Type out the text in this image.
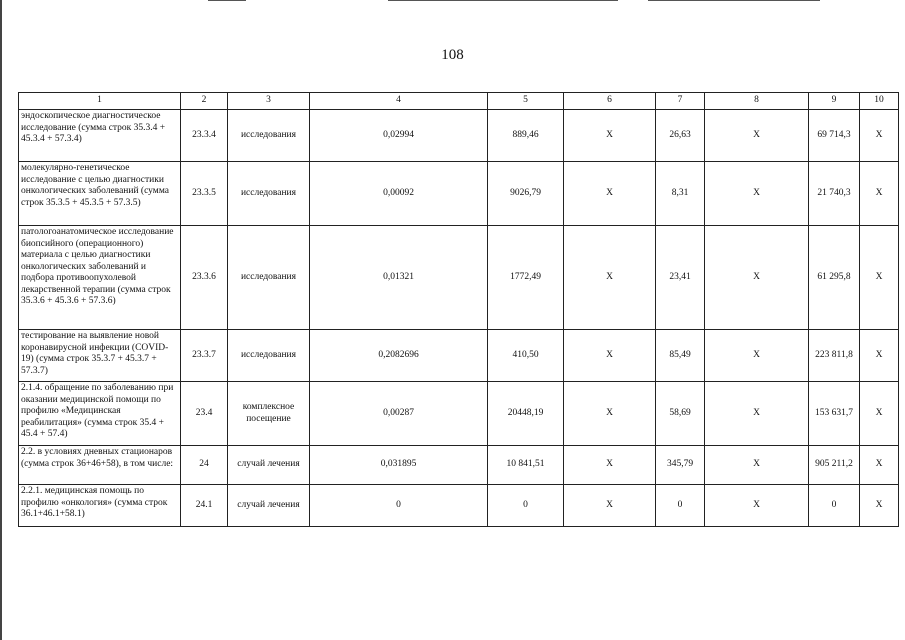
108
1	2	3	4	5	6	7	8	9	10
эндоскопическое диагностическое исследование (сумма строк 35.3.4 + 45.3.4 + 57.3.4)	23.3.4	исследования	0,02994	889,46	X	26,63	X	69 714,3	X
молекулярно-генетическое исследование с целью диагностики онкологических заболеваний (сумма строк 35.3.5 + 45.3.5 + 57.3.5)	23.3.5	исследования	0,00092	9026,79	X	8,31	X	21 740,3	X
патологоанатомическое исследование биопсийного (операционного) материала с целью диагностики онкологических заболеваний и подбора противоопухолевой лекарственной терапии (сумма строк 35.3.6 + 45.3.6 + 57.3.6)	23.3.6	исследования	0,01321	1772,49	X	23,41	X	61 295,8	X
тестирование на выявление новой коронавирусной инфекции (COVID-19) (сумма строк 35.3.7 + 45.3.7 + 57.3.7)	23.3.7	исследования	0,2082696	410,50	X	85,49	X	223 811,8	X
2.1.4. обращение по заболеванию при оказании медицинской помощи по профилю «Медицинская реабилитация» (сумма строк 35.4 + 45.4 + 57.4)	23.4	комплексное посещение	0,00287	20448,19	X	58,69	X	153 631,7	X
2.2. в условиях дневных стационаров (сумма строк 36+46+58), в том числе:	24	случай лечения	0,031895	10 841,51	X	345,79	X	905 211,2	X
2.2.1. медицинская помощь по профилю «онкология» (сумма строк 36.1+46.1+58.1)	24.1	случай лечения	0	0	X	0	X	0	X
